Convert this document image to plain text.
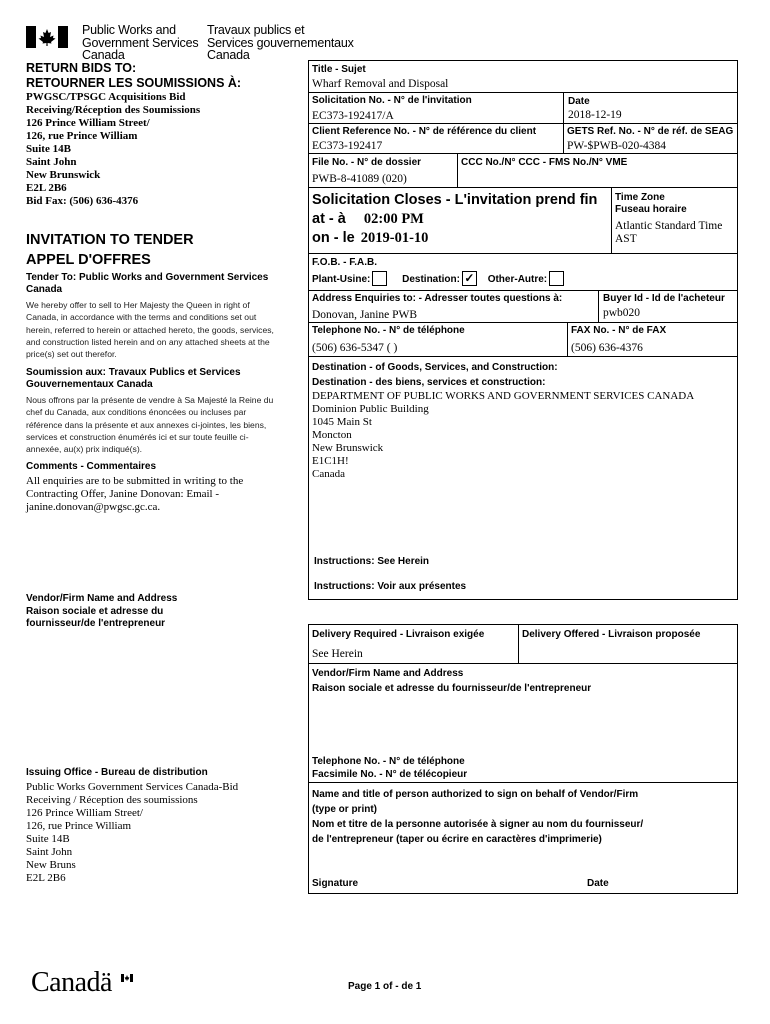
Public Works and
Government Services
Canada
Travaux publics et
Services gouvernementaux
Canada
RETURN BIDS TO:
RETOURNER LES SOUMISSIONS À:
PWGSC/TPSGC Acquisitions Bid
Receiving/Réception des Soumissions
126 Prince William Street/
126, rue Prince William
Suite 14B
Saint John
New Brunswick
E2L 2B6
Bid Fax: (506) 636-4376
INVITATION TO TENDER
APPEL D'OFFRES
Tender To: Public Works and Government Services Canada
We hereby offer to sell to Her Majesty the Queen in right of Canada, in accordance with the terms and conditions set out herein, referred to herein or attached hereto, the goods, services, and construction listed herein and on any attached sheets at the price(s) set out therefor.
Soumission aux: Travaux Publics et Services Gouvernementaux Canada
Nous offrons par la présente de vendre à Sa Majesté la Reine du chef du Canada, aux conditions énoncées ou incluses par référence dans la présente et aux annexes ci-jointes, les biens, services et construction énumérés ici et sur toute feuille ci-annexée, au(x) prix indiqué(s).
Comments - Commentaires
All enquiries are to be submitted in writing to the Contracting Offer, Janine Donovan: Email - janine.donovan@pwgsc.gc.ca.
Vendor/Firm Name and Address
Raison sociale et adresse du
fournisseur/de l'entrepreneur
Issuing Office - Bureau de distribution
Public Works Government Services Canada-Bid
Receiving / Réception des soumissions
126 Prince William Street/
126, rue Prince William
Suite 14B
Saint John
New Bruns
E2L 2B6
Title - Sujet
Wharf Removal and Disposal
Solicitation No. - N° de l'invitation
EC373-192417/A
Date
2018-12-19
Client Reference No. - N° de référence du client
EC373-192417
GETS Ref. No. - N° de réf. de SEAG
PW-$PWB-020-4384
File No. - N° de dossier
PWB-8-41089 (020)
CCC No./N° CCC - FMS No./N° VME
Solicitation Closes - L'invitation prend fin
at - à 02:00 PM
on - le 2019-01-10
Time Zone
Fuseau horaire
Atlantic Standard Time
AST
F.O.B. - F.A.B.
Plant-Usine:	Destination: ✓ Other-Autre:
Address Enquiries to: - Adresser toutes questions à:
Donovan, Janine PWB
Buyer Id - Id de l'acheteur
pwb020
Telephone No. - N° de téléphone
(506) 636-5347 ( )
FAX No. - N° de FAX
(506) 636-4376
Destination - of Goods, Services, and Construction:
Destination - des biens, services et construction:
DEPARTMENT OF PUBLIC WORKS AND GOVERNMENT SERVICES CANADA
Dominion Public Building
1045 Main St
Moncton
New Brunswick
E1C1H!
Canada
Instructions: See Herein
Instructions: Voir aux présentes
Delivery Required - Livraison exigée
See Herein
Delivery Offered - Livraison proposée
Vendor/Firm Name and Address
Raison sociale et adresse du fournisseur/de l'entrepreneur
Telephone No. - N° de téléphone
Facsimile No. - N° de télécopieur
Name and title of person authorized to sign on behalf of Vendor/Firm
(type or print)
Nom et titre de la personne autorisée à signer au nom du fournisseur/
de l'entrepreneur (taper ou écrire en caractères d'imprimerie)
Signature	Date
Canadä	Page 1 of - de 1
